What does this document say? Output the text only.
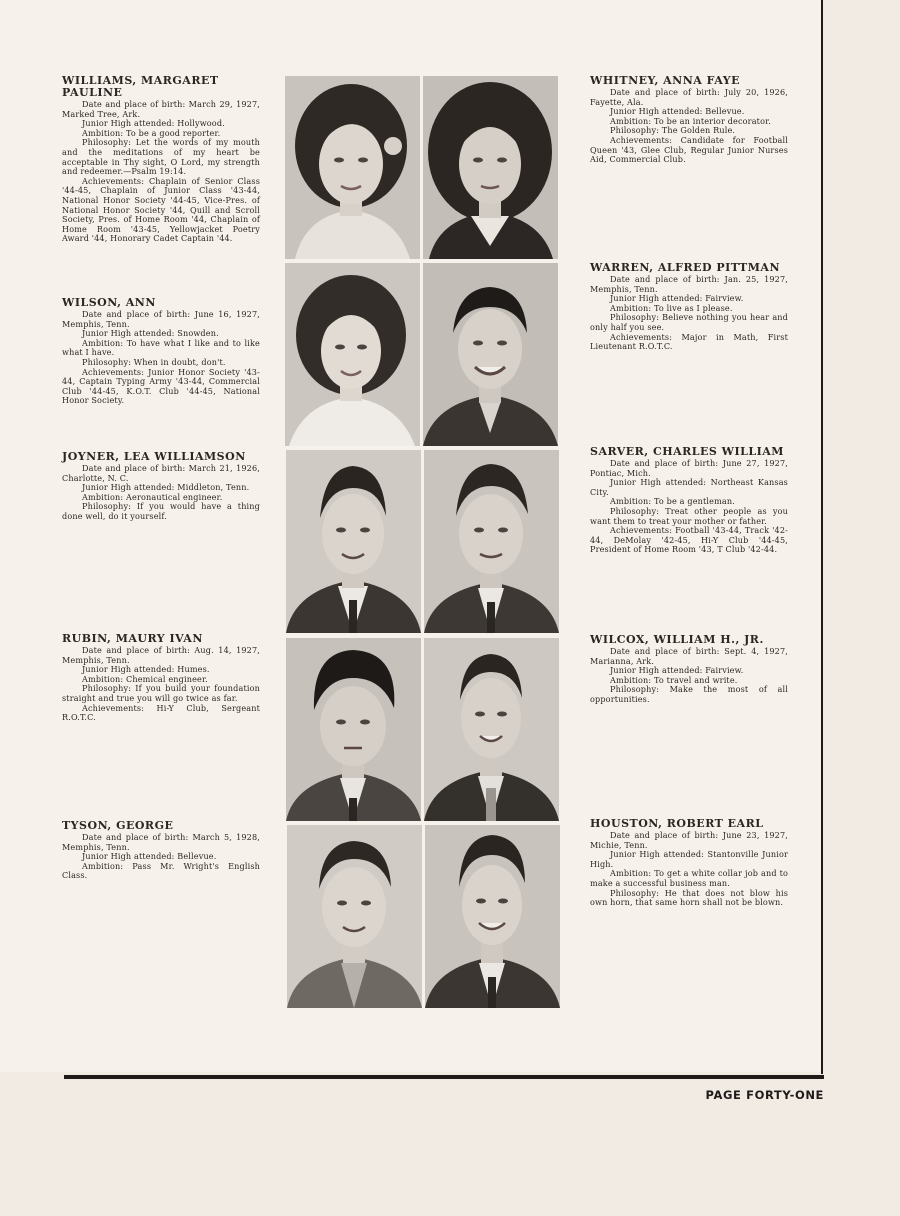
WILLIAMS, MARGARET PAULINE

Date and place of birth: March 29, 1927, Marked Tree, Ark.

Junior High attended: Hollywood.

Ambition: To be a good reporter.

Philosophy: Let the words of my mouth and the meditations of my heart be acceptable in Thy sight, O Lord, my strength and redeemer.—Psalm 19:14.

Achievements: Chaplain of Senior Class '44-45, Chaplain of Junior Class '43-44, National Honor Society '44-45, Vice-Pres. of National Honor Society '44, Quill and Scroll Society, Pres. of Home Room '44, Chaplain of Home Room '43-45, Yellowjacket Poetry Award '44, Honorary Cadet Captain '44.

WILSON, ANN

Date and place of birth: June 16, 1927, Memphis, Tenn.

Junior High attended: Snowden.

Ambition: To have what I like and to like what I have.

Philosophy: When in doubt, don't.

Achievements: Junior Honor Society '43-44, Captain Typing Army '43-44, Commercial Club '44-45, K.O.T. Club '44-45, National Honor Society.

JOYNER, LEA WILLIAMSON

Date and place of birth: March 21, 1926, Charlotte, N. C.

Junior High attended: Middleton, Tenn.

Ambition: Aeronautical engineer.

Philosophy: If you would have a thing done well, do it yourself.

RUBIN, MAURY IVAN

Date and place of birth: Aug. 14, 1927, Memphis, Tenn.

Junior High attended: Humes.

Ambition: Chemical engineer.

Philosophy: If you build your foundation straight and true you will go twice as far.

Achievements: Hi-Y Club, Sergeant R.O.T.C.

TYSON, GEORGE

Date and place of birth: March 5, 1928, Memphis, Tenn.

Junior High attended: Bellevue.

Ambition: Pass Mr. Wright's English Class.

WHITNEY, ANNA FAYE

Date and place of birth: July 20, 1926, Fayette, Ala.

Junior High attended: Bellevue.

Ambition: To be an interior decorator.

Philosophy: The Golden Rule.

Achievements: Candidate for Football Queen '43, Glee Club, Regular Junior Nurses Aid, Commercial Club.

WARREN, ALFRED PITTMAN

Date and place of birth: Jan. 25, 1927, Memphis, Tenn.

Junior High attended: Fairview.

Ambition: To live as I please.

Philosophy: Believe nothing you hear and only half you see.

Achievements: Major in Math, First Lieutenant R.O.T.C.

SARVER, CHARLES WILLIAM

Date and place of birth: June 27, 1927, Pontiac, Mich.

Junior High attended: Northeast Kansas City.

Ambition: To be a gentleman.

Philosophy: Treat other people as you want them to treat your mother or father.

Achievements: Football '43-44, Track '42-44, DeMolay '42-45, Hi-Y Club '44-45, President of Home Room '43, T Club '42-44.

WILCOX, WILLIAM H., JR.

Date and place of birth: Sept. 4, 1927, Marianna, Ark.

Junior High attended: Fairview.

Ambition: To travel and write.

Philosophy: Make the most of all opportunities.

HOUSTON, ROBERT EARL

Date and place of birth: June 23, 1927, Michie, Tenn.

Junior High attended: Stantonville Junior High.

Ambition: To get a white collar job and to make a successful business man.

Philosophy: He that does not blow his own horn, that same horn shall not be blown.

PAGE FORTY-ONE
